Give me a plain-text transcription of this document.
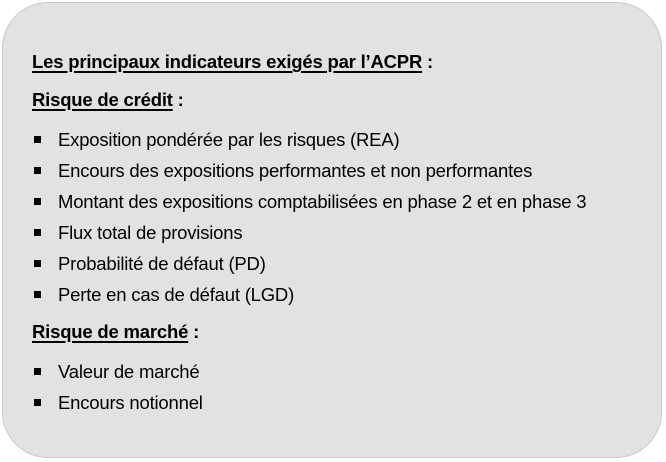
Les principaux indicateurs exigés par l’ACPR :
Risque de crédit :
Exposition pondérée par les risques (REA)
Encours des expositions performantes et non performantes
Montant des expositions comptabilisées en phase 2 et en phase 3
Flux total de provisions
Probabilité de défaut (PD)
Perte en cas de défaut (LGD)
Risque de marché :
Valeur de marché
Encours notionnel
